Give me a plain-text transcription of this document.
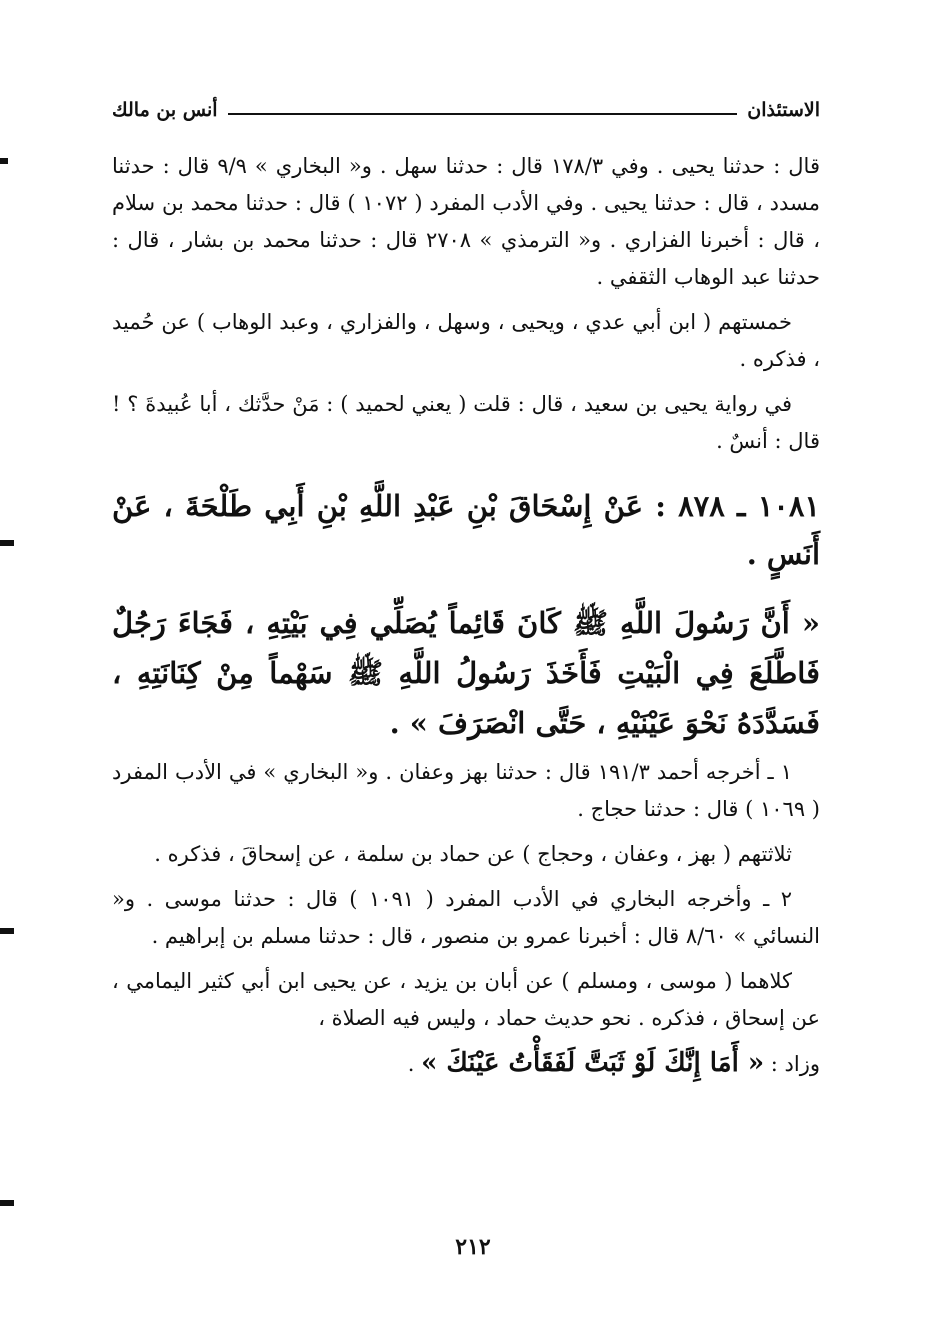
الاستئذان
أنس بن مالك

قال : حدثنا يحيى . وفي ١٧٨/٣ قال : حدثنا سهل . و« البخاري » ٩/٩ قال : حدثنا مسدد ، قال : حدثنا يحيى . وفي الأدب المفرد ( ١٠٧٢ ) قال : حدثنا محمد بن سلام ، قال : أخبرنا الفزاري . و« الترمذي » ٢٧٠٨ قال : حدثنا محمد بن بشار ، قال : حدثنا عبد الوهاب الثقفي .

خمستهم ( ابن أبي عدي ، ويحيى ، وسهل ، والفزاري ، وعبد الوهاب ) عن حُميد ، فذكره .

في رواية يحيى بن سعيد ، قال : قلت ( يعني لحميد ) : مَنْ حدَّثك ، أبا عُبيدةَ ؟ ! قال : أنسٌ .

١٠٨١ ـ ٨٧٨ : عَنْ إِسْحَاقَ بْنِ عَبْدِ اللَّهِ بْنِ أَبِي طَلْحَةَ ، عَنْ أَنَسٍ .

« أَنَّ رَسُولَ اللَّهِ ﷺ كَانَ قَائِماً يُصَلِّي فِي بَيْتِهِ ، فَجَاءَ رَجُلٌ فَاطَّلَعَ فِي الْبَيْتِ فَأَخَذَ رَسُولُ اللَّهِ ﷺ سَهْماً مِنْ كِنَانَتِهِ ، فَسَدَّدَهُ نَحْوَ عَيْنَيْهِ ، حَتَّى انْصَرَفَ » .

١ ـ أخرجه أحمد ١٩١/٣ قال : حدثنا بهز وعفان . و« البخاري » في الأدب المفرد ( ١٠٦٩ ) قال : حدثنا حجاج .

ثلاثتهم ( بهز ، وعفان ، وحجاج ) عن حماد بن سلمة ، عن إسحاقَ ، فذكره .

٢ ـ وأخرجه البخاري في الأدب المفرد ( ١٠٩١ ) قال : حدثنا موسى . و« النسائي » ٨/٦٠ قال : أخبرنا عمرو بن منصور ، قال : حدثنا مسلم بن إبراهيم .

كلاهما ( موسى ، ومسلم ) عن أبان بن يزيد ، عن يحيى ابن أبي كثير اليمامي ، عن إسحاق ، فذكره . نحو حديث حماد ، وليس فيه الصلاة ،

وزاد : « أَمَا إِنَّكَ لَوْ ثَبَتَّ لَفَقَأْتُ عَيْنَكَ » .

٢١٢
